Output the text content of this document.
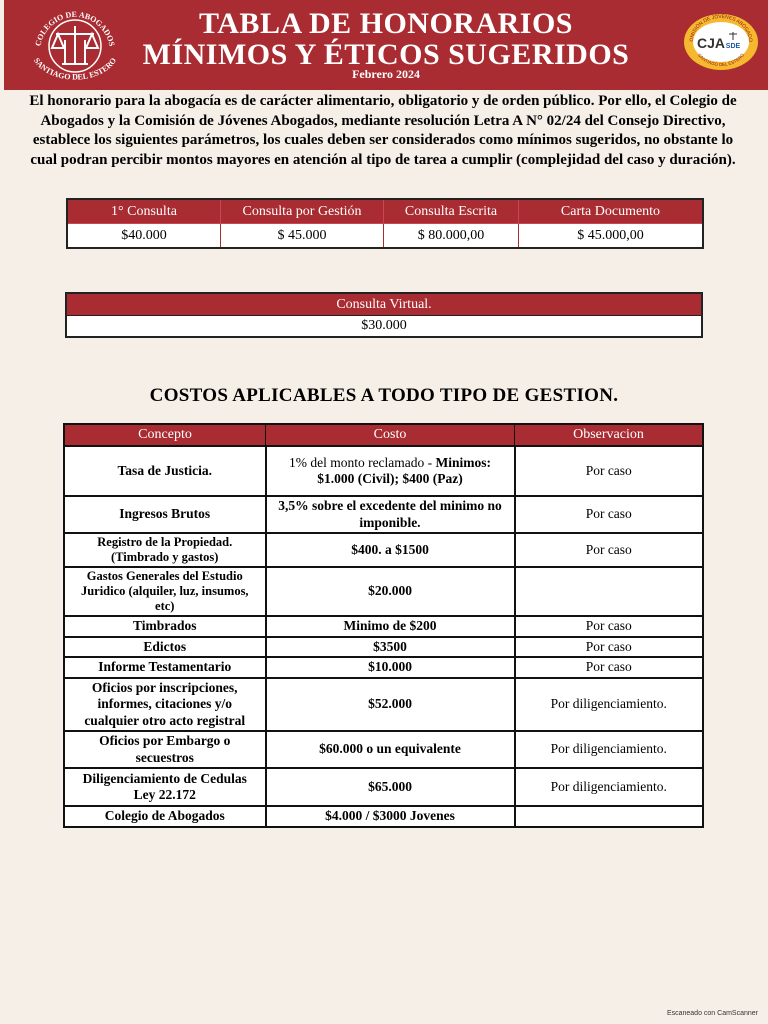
COLEGIO DE ABOGADOS
SANTIAGO DEL ESTERO
TABLA DE HONORARIOS
MÍNIMOS Y ÉTICOS SUGERIDOS
Febrero 2024
OMISIÓN DE JÓVENES ABOGADO
SANTIAGO DEL ESTERO
CJA SDE
El honorario para la abogacía es de carácter alimentario, obligatorio y de orden público. Por ello, el Colegio de Abogados y la Comisión de Jóvenes Abogados, mediante resolución Letra A N° 02/24 del Consejo Directivo, establece los siguientes parámetros, los cuales deben ser considerados como mínimos sugeridos, no obstante lo cual podran percibir montos mayores en atención al tipo de tarea a cumplir (complejidad del caso y duración).
1° Consulta	Consulta por Gestión	Consulta Escrita	Carta Documento
$40.000	$ 45.000	$ 80.000,00	$ 45.000,00
Consulta Virtual.
$30.000
COSTOS APLICABLES A TODO TIPO DE GESTION.
Concepto	Costo	Observacion
Tasa de Justicia.	1% del monto reclamado - Minimos: $1.000 (Civil); $400 (Paz)	Por caso
Ingresos Brutos	3,5% sobre el excedente del minimo no imponible.	Por caso
Registro de la Propiedad. (Timbrado y gastos)	$400. a $1500	Por caso
Gastos Generales del Estudio Juridico (alquiler, luz, insumos, etc)	$20.000	
Timbrados	Minimo de $200	Por caso
Edictos	$3500	Por caso
Informe Testamentario	$10.000	Por caso
Oficios por inscripciones, informes, citaciones y/o cualquier otro acto registral	$52.000	Por diligenciamiento.
Oficios por Embargo o secuestros	$60.000 o un equivalente	Por diligenciamiento.
Diligenciamiento de Cedulas Ley 22.172	$65.000	Por diligenciamiento.
Colegio de Abogados	$4.000 / $3000 Jovenes	
Escaneado con CamScanner
